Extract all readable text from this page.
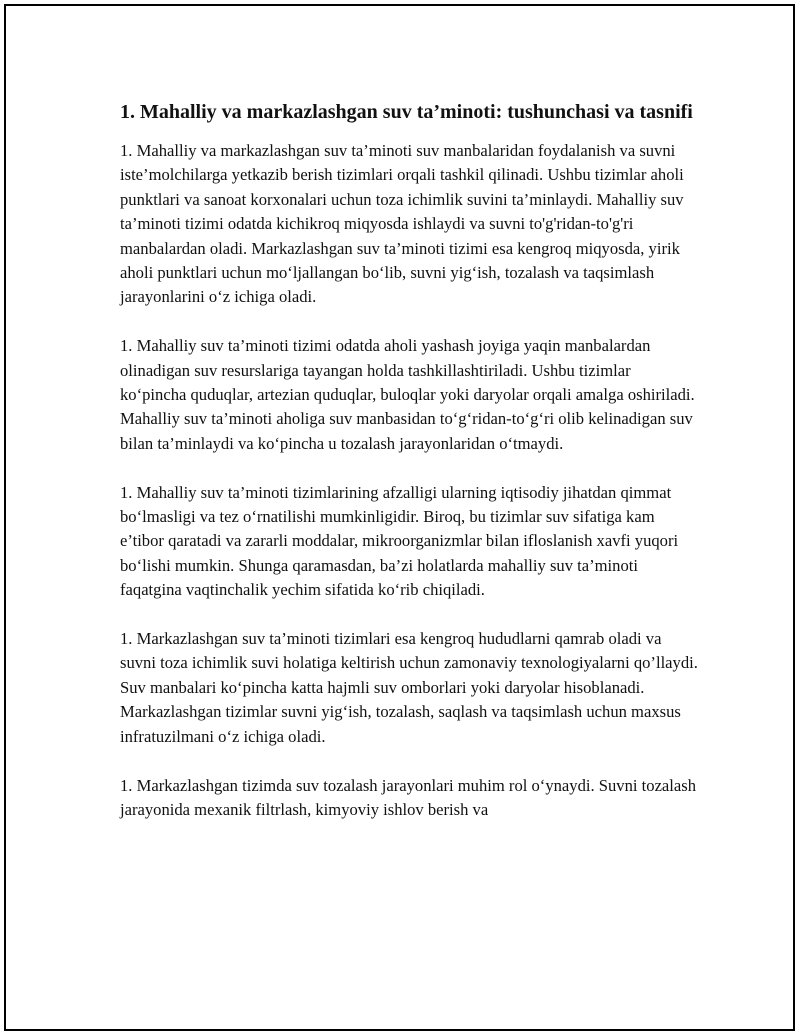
1. Mahalliy va markazlashgan suv ta’minoti: tushunchasi va tasnifi

1. Mahalliy va markazlashgan suv ta’minoti suv manbalaridan foydalanish va suvni iste’molchilarga yetkazib berish tizimlari orqali tashkil qilinadi. Ushbu tizimlar aholi punktlari va sanoat korxonalari uchun toza ichimlik suvini ta’minlaydi. Mahalliy suv ta’minoti tizimi odatda kichikroq miqyosda ishlaydi va suvni to'g'ridan-to'g'ri manbalardan oladi. Markazlashgan suv ta’minoti tizimi esa kengroq miqyosda, yirik aholi punktlari uchun mo‘ljallangan bo‘lib, suvni yig‘ish, tozalash va taqsimlash jarayonlarini o‘z ichiga oladi.

1. Mahalliy suv ta’minoti tizimi odatda aholi yashash joyiga yaqin manbalardan olinadigan suv resurslariga tayangan holda tashkillashtiriladi. Ushbu tizimlar ko‘pincha quduqlar, artezian quduqlar, buloqlar yoki daryolar orqali amalga oshiriladi. Mahalliy suv ta’minoti aholiga suv manbasidan to‘g‘ridan-to‘g‘ri olib kelinadigan suv bilan ta’minlaydi va ko‘pincha u tozalash jarayonlaridan o‘tmaydi.

1. Mahalliy suv ta’minoti tizimlarining afzalligi ularning iqtisodiy jihatdan qimmat bo‘lmasligi va tez o‘rnatilishi mumkinligidir. Biroq, bu tizimlar suv sifatiga kam e’tibor qaratadi va zararli moddalar, mikroorganizmlar bilan ifloslanish xavfi yuqori bo‘lishi mumkin. Shunga qaramasdan, ba’zi holatlarda mahalliy suv ta’minoti faqatgina vaqtinchalik yechim sifatida ko‘rib chiqiladi.

1. Markazlashgan suv ta’minoti tizimlari esa kengroq hududlarni qamrab oladi va suvni toza ichimlik suvi holatiga keltirish uchun zamonaviy texnologiyalarni qo’llaydi. Suv manbalari ko‘pincha katta hajmli suv omborlari yoki daryolar hisoblanadi. Markazlashgan tizimlar suvni yig‘ish, tozalash, saqlash va taqsimlash uchun maxsus infratuzilmani o‘z ichiga oladi.

1. Markazlashgan tizimda suv tozalash jarayonlari muhim rol o‘ynaydi. Suvni tozalash jarayonida mexanik filtrlash, kimyoviy ishlov berish va
